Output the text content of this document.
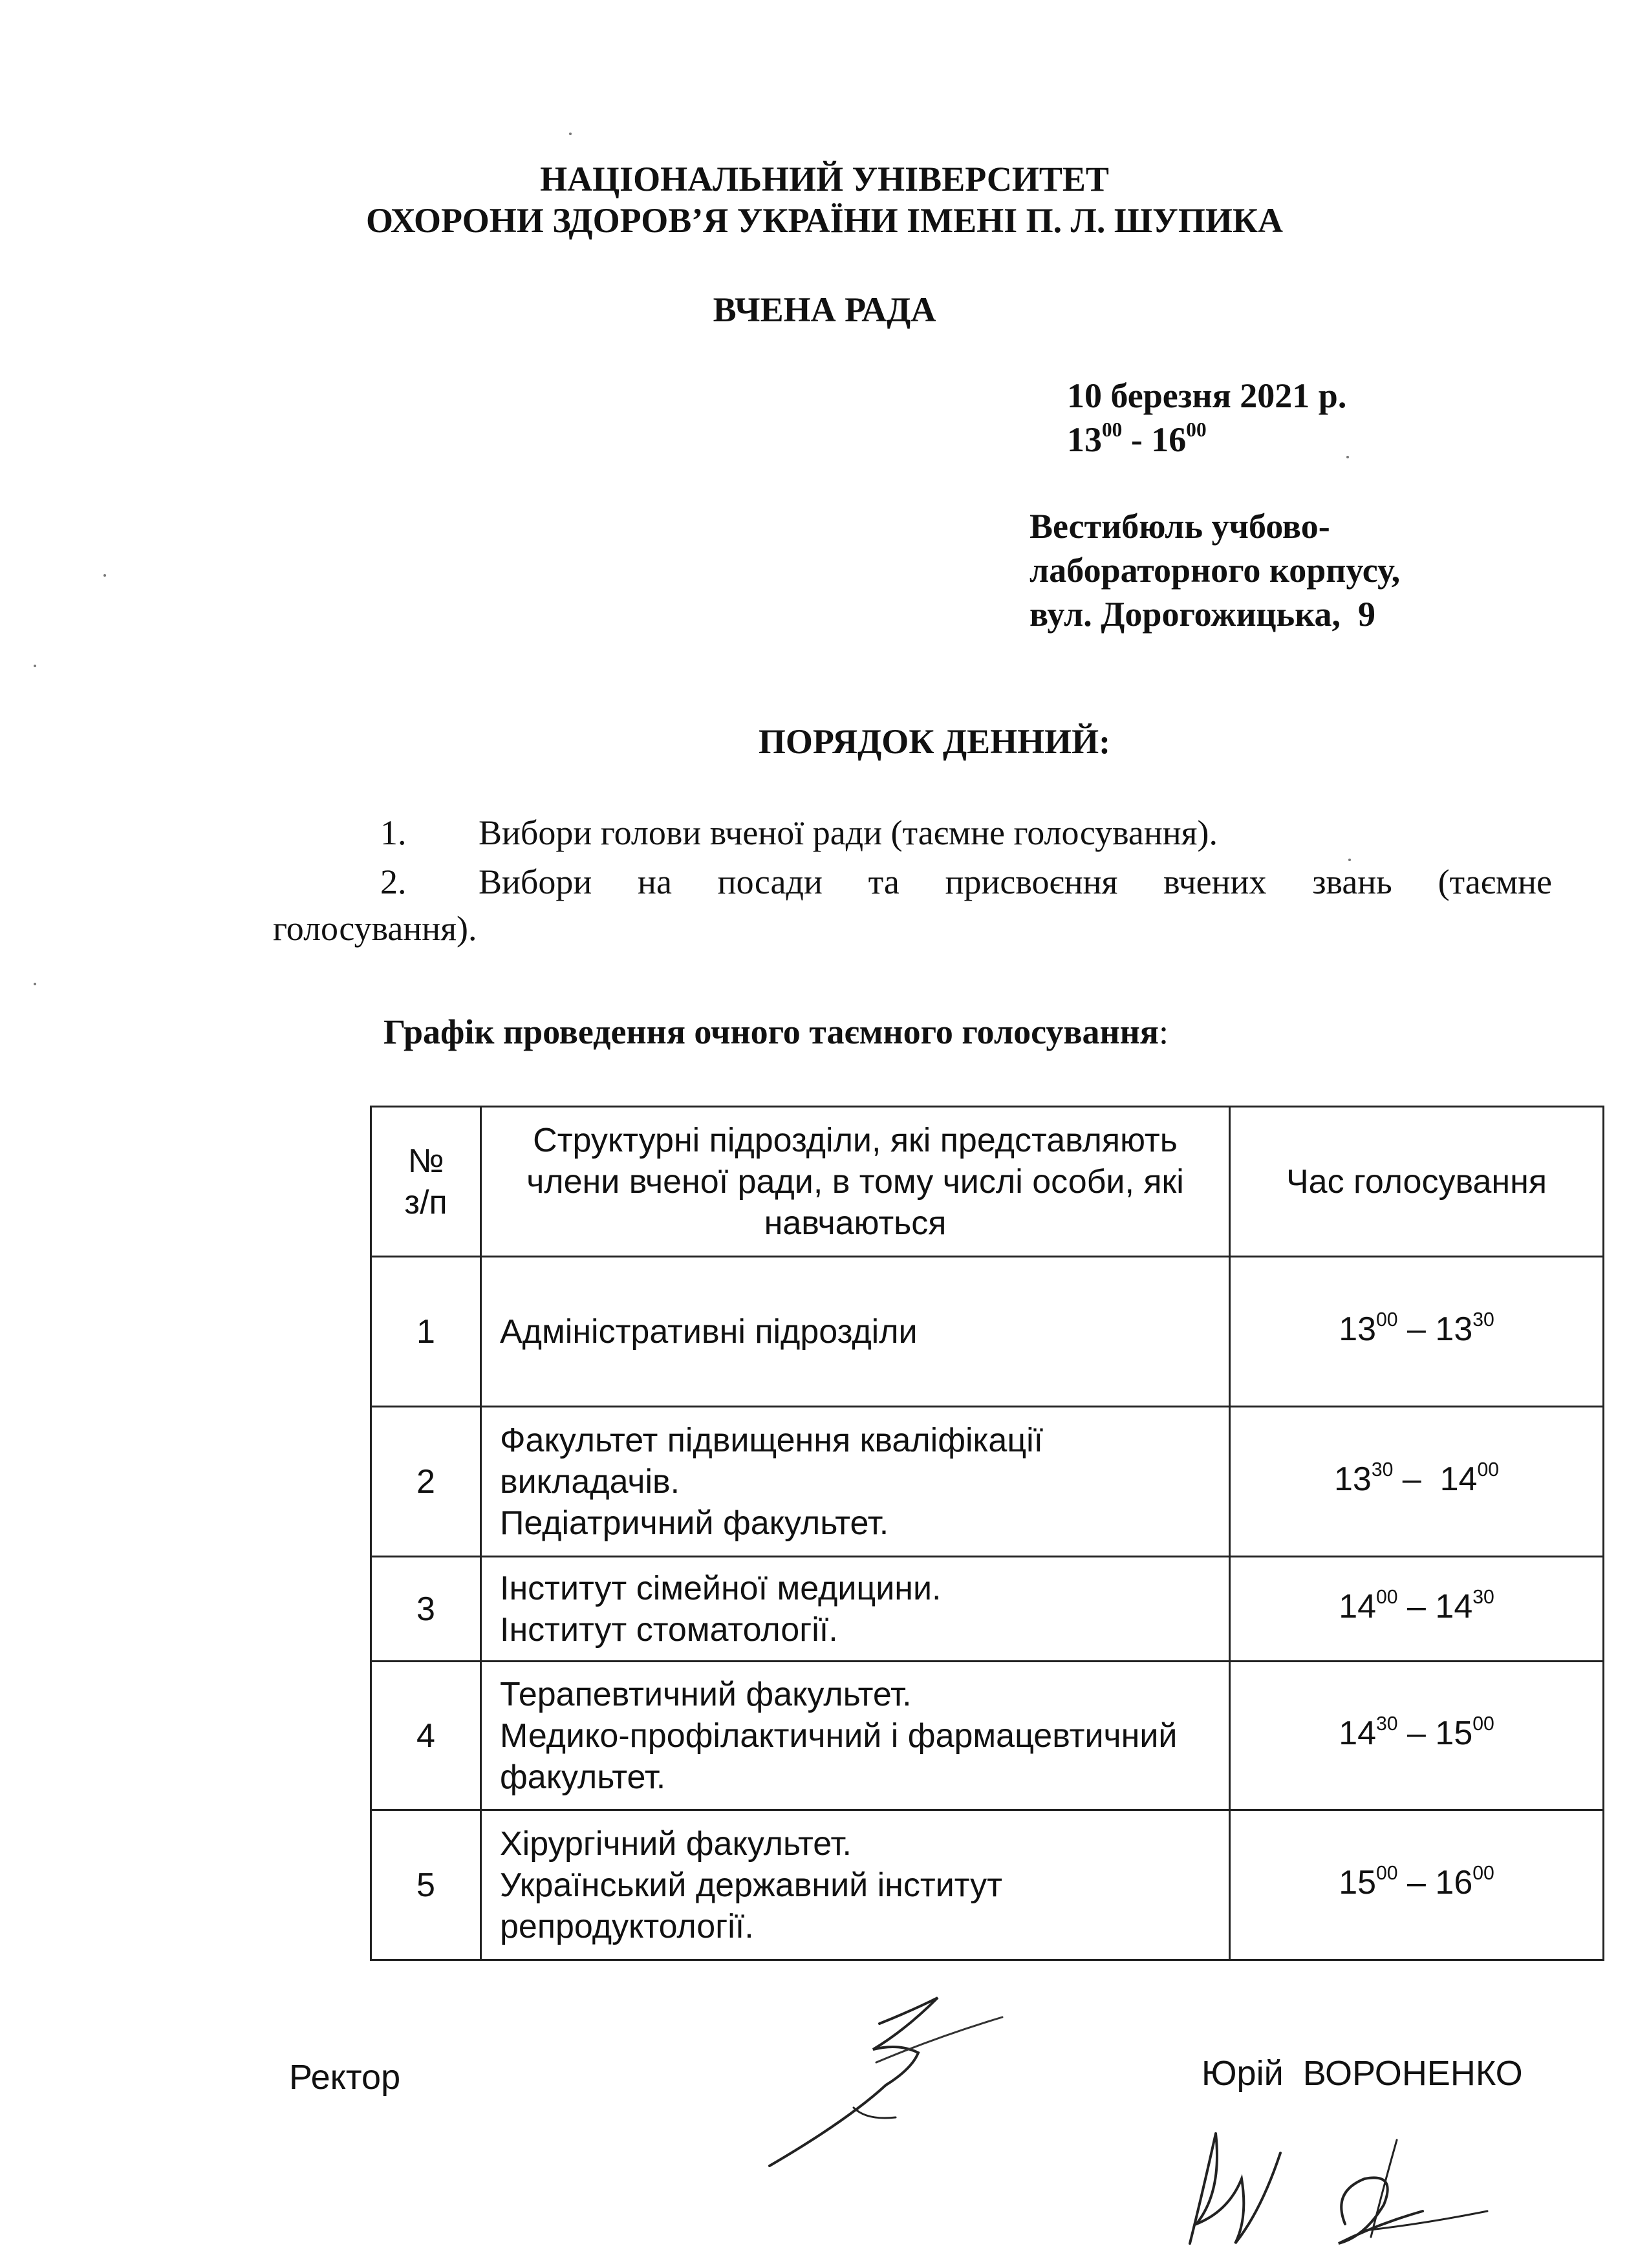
НАЦІОНАЛЬНИЙ УНІВЕРСИТЕТ
ОХОРОНИ ЗДОРОВ’Я УКРАЇНИ ІМЕНІ П. Л. ШУПИКА
ВЧЕНА РАДА
10 березня 2021 р.
$13^{00} - 16^{00}$
Вестибюль учбово-
лабораторного корпусу,
вул. Дорогожицька,  9
ПОРЯДОК ДЕННИЙ:
1. Вибори голови вченої ради (таємне голосування).
2. Вибори на посади та присвоєння вчених звань (таємне
голосування).
Графік проведення очного таємного голосування:
№
з/п	Структурні підрозділи, які представляють члени вченої ради, в тому числі особи, які навчаються	Час голосування
1	Адміністративні підрозділи	$13^{00} - 13^{30}$
2	Факультет підвищення кваліфікації
викладачів.
Педіатричний факультет.	$13^{30} - 14^{00}$
3	Інститут сімейної медицини.
Інститут стоматології.	$14^{00} - 14^{30}$
4	Терапевтичний факультет.
Медико-профілактичний і фармацевтичний
факультет.	$14^{30} - 15^{00}$
5	Хірургічний факультет.
Український державний інститут
репродуктології.	$15^{00} - 16^{00}$
Ректор	Юрій  ВОРОНЕНКО
